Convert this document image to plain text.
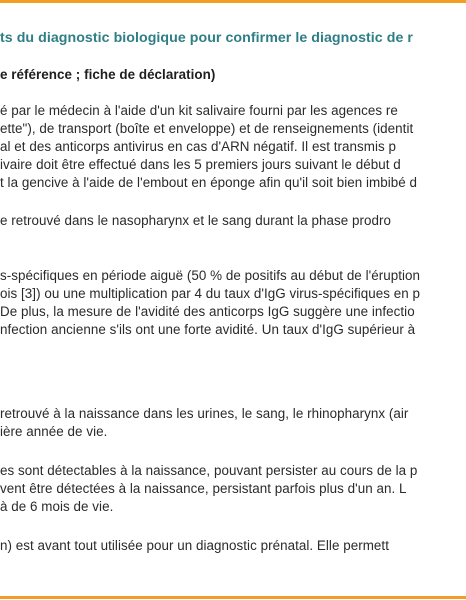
ts du diagnostic biologique pour confirmer le diagnostic de r
e référence ; fiche de déclaration)
é par le médecin à l'aide d'un kit salivaire fourni par les agences re
ette"), de transport (boîte et enveloppe) et de renseignements (identit
al et des anticorps antivirus en cas d'ARN négatif. Il est transmis p
ivaire doit être effectué dans les 5 premiers jours suivant le début d
t la gencive à l'aide de l'embout en éponge afin qu'il soit bien imbibé d
e retrouvé dans le nasopharynx et le sang durant la phase prodro
s-spécifiques en période aiguë (50 % de positifs au début de l'éruption
ois [3]) ou une multiplication par 4 du taux d'IgG virus-spécifiques en p
De plus, la mesure de l'avidité des anticorps IgG suggère une infectio
nfection ancienne s'ils ont une forte avidité. Un taux d'IgG supérieur à
retrouvé à la naissance dans les urines, le sang, le rhinopharynx (air
ière année de vie.
es sont détectables à la naissance, pouvant persister au cours de la p
vent être détectées à la naissance, persistant parfois plus d'un an. L
à de 6 mois de vie.
n) est avant tout utilisée pour un diagnostic prénatal. Elle permett
